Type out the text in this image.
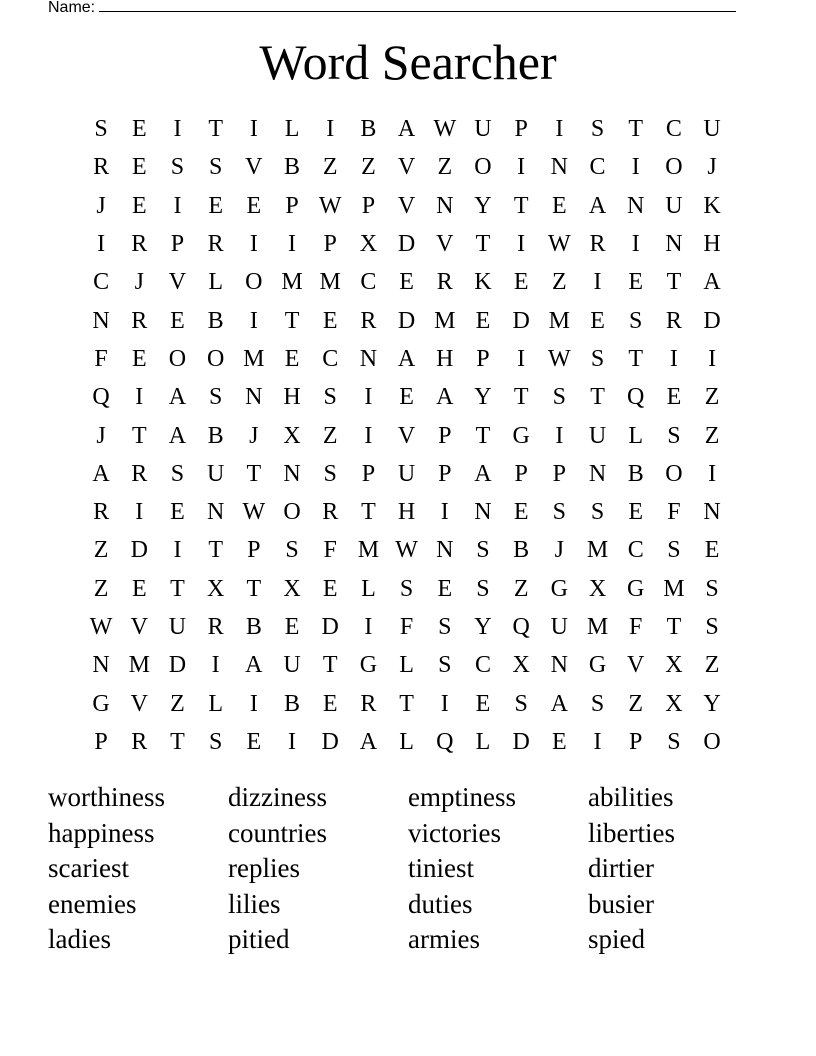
Name:
Word Searcher
S	E	I	T	I	L	I	B A W U P	I	S	T C U
R E	S	S V B Z Z V Z O	I	N C	I	O	J
J	E	I	E E	P W P V N Y T E A N U K
I	R P R	I	I	P X D V T	I W R	I	N H
C	J	V L O M M C E R K E Z	I	E T A
N R E B	I	T E R D M E D M E	S R D
F	E O O M E C N A H P	I W S	T	I	I
Q	I	A S N H S	I	E A Y T	S	T Q E Z
J	T A B	J	X Z	I	V P	T G	I	U L	S	Z
A R S U T N S	P U P A P	P N B O	I
R	I	E N W O R T H	I	N E	S	S	E	F N
Z D	I	T	P	S	F M W N S B	J M C S	E
Z E T X T X E L	S	E	S	Z G X G M S
W V U R B E D	I	F	S Y Q U M F	T	S
N M D	I	A U T G L	S C X N G V X Z
G V Z L	I	B E R T	I	E	S A S	Z X Y
P R T	S	E	I	D A L Q L D E	I	P	S O
worthiness	dizziness	emptiness	abilities
happiness	countries	victories	liberties
scariest	replies	tiniest	dirtier
enemies	lilies	duties	busier
ladies	pitied	armies	spied
